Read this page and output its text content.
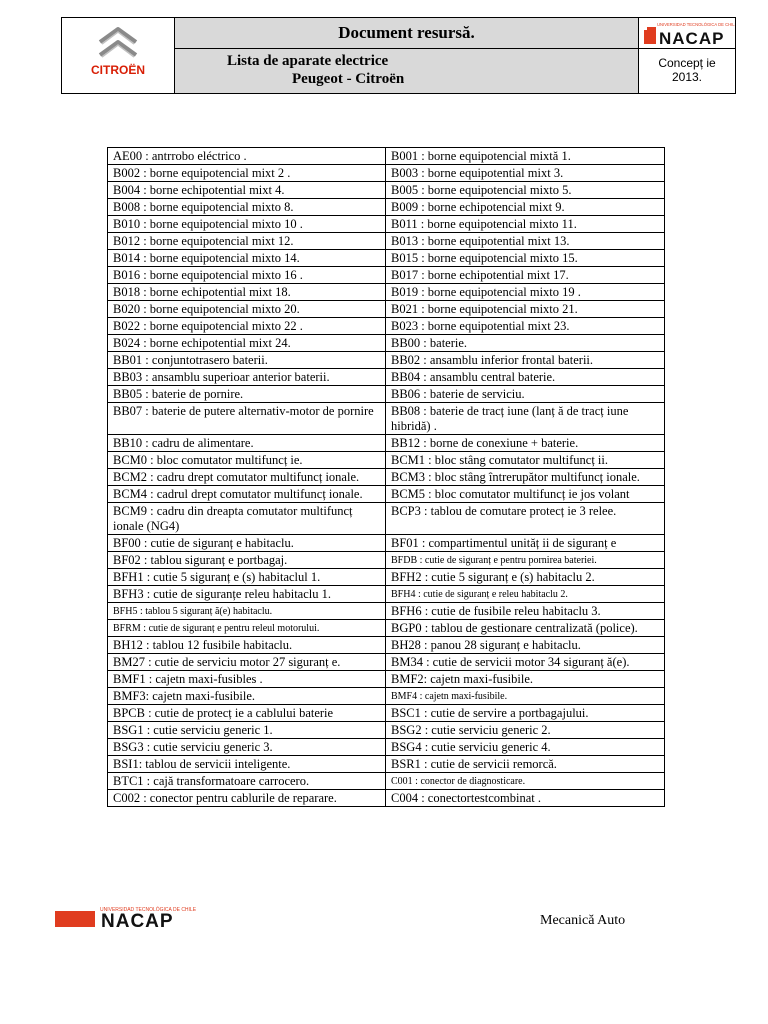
CITROËN
Document resursă.
Lista de aparate electrice
Peugeot - Citroën
UNIVERSIDAD TECNOLÓGICA DE CHILE
NACAP
Concepț ie
2013.
AE00 : antrrobo eléctrico .	B001 : borne equipotencial mixtă 1.
B002 : borne equipotencial mixt 2 .	B003 : borne equipotential mixt 3.
B004 : borne echipotential mixt 4.	B005 : borne equipotencial mixto 5.
B008 : borne equipotencial mixto 8.	B009 : borne echipotencial mixt 9.
B010 : borne equipotencial mixto 10 .	B011 : borne equipotencial mixto 11.
B012 : borne equipotencial mixt 12.	B013 : borne equipotential mixt 13.
B014 : borne equipotencial mixto 14.	B015 : borne equipotencial mixto 15.
B016 : borne equipotencial mixto 16 .	B017 : borne echipotential mixt 17.
B018 : borne echipotential mixt 18.	B019 : borne equipotencial mixto 19 .
B020 : borne equipotencial mixto 20.	B021 : borne equipotencial mixto 21.
B022 : borne equipotencial mixto 22 .	B023 : borne equipotential mixt 23.
B024 : borne echipotential mixt 24.	BB00 : baterie.
BB01 : conjuntotrasero baterii.	BB02 : ansamblu inferior frontal baterii.
BB03 : ansamblu superioar anterior baterii.	BB04 : ansamblu central baterie.
BB05 : baterie de pornire.	BB06 : baterie de serviciu.
BB07 : baterie de putere alternativ-motor de pornire	BB08 : baterie de tracț iune (lanț ă de tracț iune hibridă) .
BB10 : cadru de alimentare.	BB12 : borne de conexiune + baterie.
BCM0 : bloc comutator multifuncț ie.	BCM1 : bloc stâng comutator multifuncț ii.
BCM2 : cadru drept comutator multifuncț ionale.	BCM3 : bloc stâng întrerupător multifuncț ionale.
BCM4 : cadrul drept comutator multifuncț ionale.	BCM5 : bloc comutator multifuncț ie jos volant
BCM9 : cadru din dreapta comutator multifuncț ionale (NG4)	BCP3 : tablou de comutare protecț ie 3 relee.
BF00 : cutie de siguranț e habitaclu.	BF01 : compartimentul unităț ii de siguranț e
BF02 : tablou siguranț e portbagaj.	BFDB : cutie de siguranț e pentru pornirea bateriei.
BFH1 : cutie 5 siguranț e (s) habitaclul 1.	BFH2 : cutie 5 siguranț e (s) habitaclu 2.
BFH3 : cutie de siguranțe releu habitaclu 1.	BFH4 : cutie de siguranț e releu habitaclu 2.
BFH5 : tablou 5 siguranț ă(e) habitaclu.	BFH6 : cutie de fusibile releu habitaclu 3.
BFRM : cutie de siguranț e pentru releul motorului.	BGP0 : tablou de gestionare centralizată (police).
BH12 : tablou 12 fusibile habitaclu.	BH28 : panou 28 siguranț e habitaclu.
BM27 : cutie de serviciu motor 27 siguranț e.	BM34 : cutie de servicii motor 34 siguranț ă(e).
BMF1 : cajetn maxi-fusibles .	BMF2: cajetn maxi-fusibile.
BMF3: cajetn maxi-fusibile.	BMF4 : cajetn maxi-fusibile.
BPCB : cutie de protecț ie a cablului baterie	BSC1 : cutie de servire a portbagajului.
BSG1 : cutie serviciu generic 1.	BSG2 : cutie serviciu generic 2.
BSG3 : cutie serviciu generic 3.	BSG4 : cutie serviciu generic 4.
BSI1: tablou de servicii inteligente.	BSR1 : cutie de servicii remorcă.
BTC1 : cajă transformatoare carrocero.	C001 : conector de diagnosticare.
C002 : conector pentru cablurile de reparare.	C004 : conectortestcombinat .
UNIVERSIDAD TECNOLÓGICA DE CHILE
NACAP	Mecanică Auto
